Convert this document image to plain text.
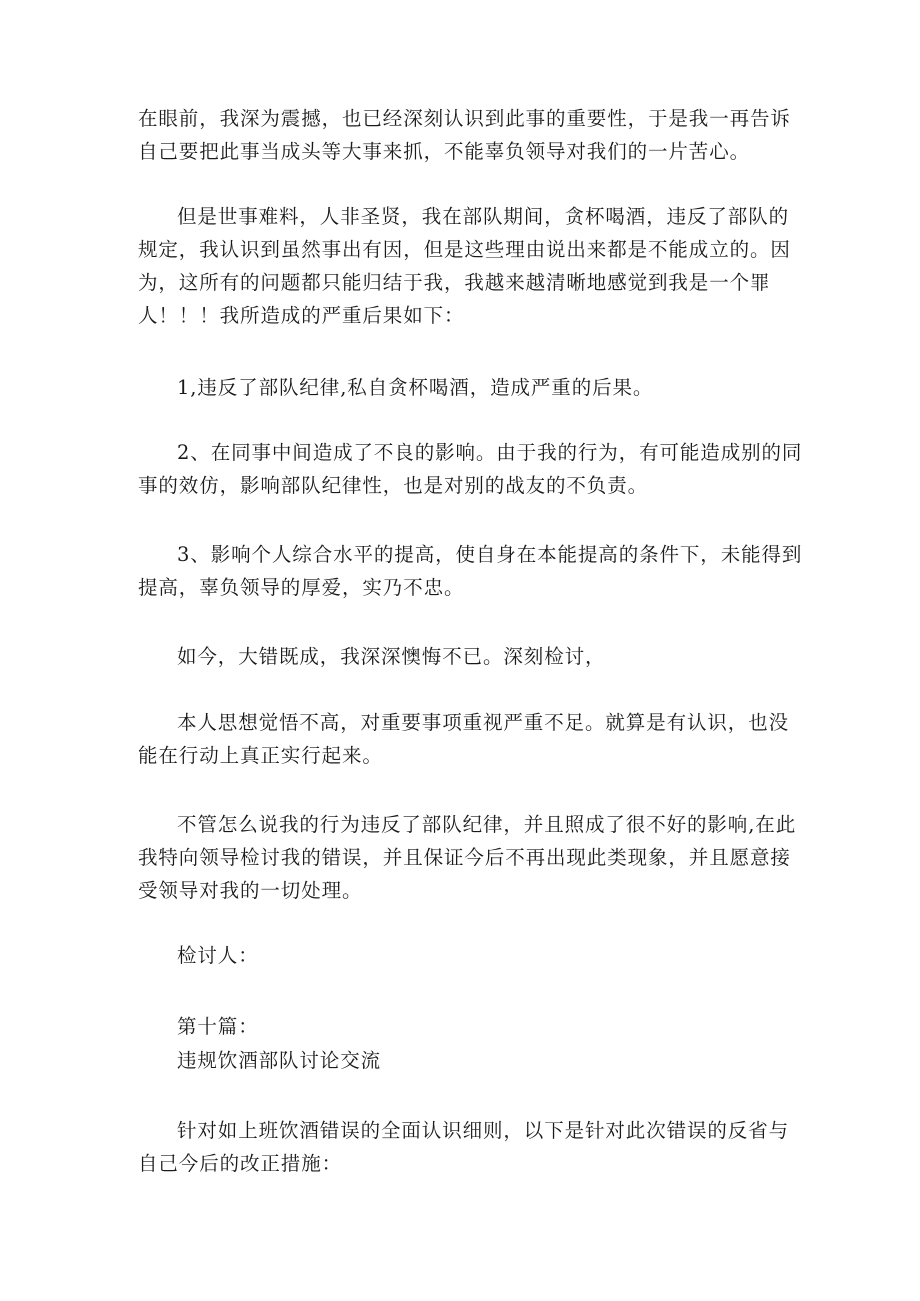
在眼前，我深为震撼，也已经深刻认识到此事的重要性，于是我一再告诉
自己要把此事当成头等大事来抓，不能辜负领导对我们的一片苦心。
但是世事难料，人非圣贤，我在部队期间，贪杯喝酒，违反了部队的
规定，我认识到虽然事出有因，但是这些理由说出来都是不能成立的。因
为，这所有的问题都只能归结于我，我越来越清晰地感觉到我是一个罪
人！！！我所造成的严重后果如下：
1,违反了部队纪律,私自贪杯喝酒，造成严重的后果。
2、在同事中间造成了不良的影响。由于我的行为，有可能造成别的同
事的效仿，影响部队纪律性，也是对别的战友的不负责。
3、影响个人综合水平的提高，使自身在本能提高的条件下，未能得到
提高，辜负领导的厚爱，实乃不忠。
如今，大错既成，我深深懊悔不已。深刻检讨，
本人思想觉悟不高，对重要事项重视严重不足。就算是有认识，也没
能在行动上真正实行起来。
不管怎么说我的行为违反了部队纪律，并且照成了很不好的影响,在此
我特向领导检讨我的错误，并且保证今后不再出现此类现象，并且愿意接
受领导对我的一切处理。
检讨人：
第十篇：
违规饮酒部队讨论交流
针对如上班饮酒错误的全面认识细则，以下是针对此次错误的反省与
自己今后的改正措施：
